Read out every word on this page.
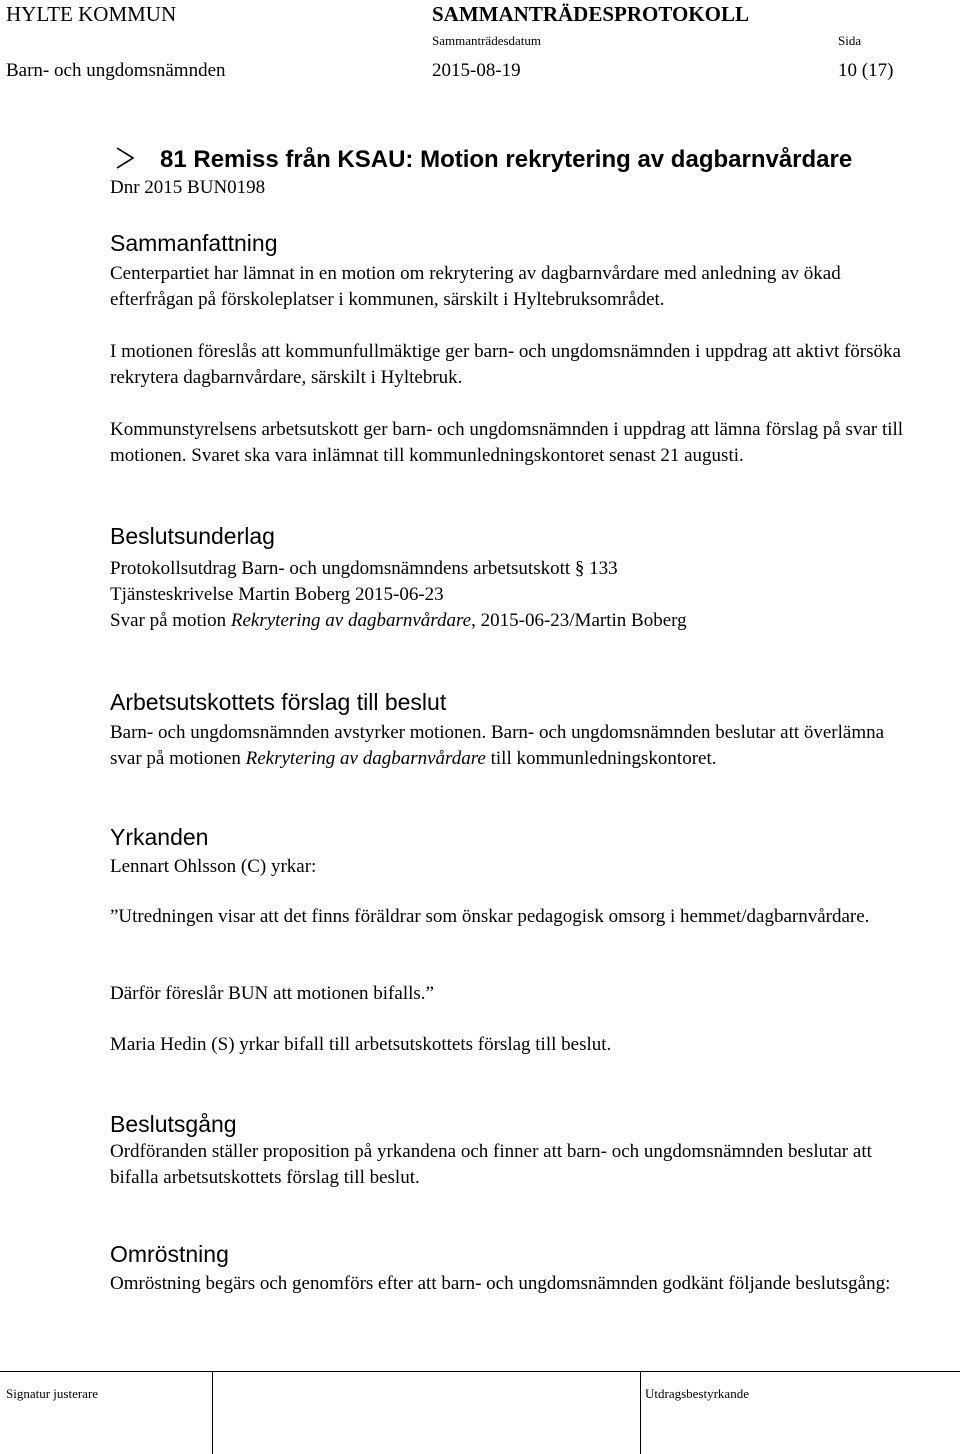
HYLTE KOMMUN	SAMMANTRÄDESPROTOKOLL
Sammanträdesdatum	Sida
Barn- och ungdomsnämnden	2015-08-19	10 (17)
81 Remiss från KSAU: Motion rekrytering av dagbarnvårdare
Dnr 2015 BUN0198
Sammanfattning
Centerpartiet har lämnat in en motion om rekrytering av dagbarnvårdare med anledning av ökad efterfrågan på förskoleplatser i kommunen, särskilt i Hyltebruksområdet.
I motionen föreslås att kommunfullmäktige ger barn- och ungdomsnämnden i uppdrag att aktivt försöka rekrytera dagbarnvårdare, särskilt i Hyltebruk.
Kommunstyrelsens arbetsutskott ger barn- och ungdomsnämnden i uppdrag att lämna förslag på svar till motionen. Svaret ska vara inlämnat till kommunledningskontoret senast 21 augusti.
Beslutsunderlag

Protokollsutdrag Barn- och ungdomsnämndens arbetsutskott § 133

Tjänsteskrivelse Martin Boberg 2015-06-23

Svar på motion Rekrytering av dagbarnvårdare, 2015-06-23/Martin Boberg

Arbetsutskottets förslag till beslut
Barn- och ungdomsnämnden avstyrker motionen. Barn- och ungdomsnämnden beslutar att överlämna svar på motionen Rekrytering av dagbarnvårdare till kommunledningskontoret.
Yrkanden
Lennart Ohlsson (C) yrkar:
”Utredningen visar att det finns föräldrar som önskar pedagogisk omsorg i hemmet/dagbarnvårdare.
Därför föreslår BUN att motionen bifalls.”
Maria Hedin (S) yrkar bifall till arbetsutskottets förslag till beslut.
Beslutsgång
Ordföranden ställer proposition på yrkandena och finner att barn- och ungdomsnämnden beslutar att bifalla arbetsutskottets förslag till beslut.
Omröstning
Omröstning begärs och genomförs efter att barn- och ungdomsnämnden godkänt följande beslutsgång:
Signatur justerare	Utdragsbestyrkande
